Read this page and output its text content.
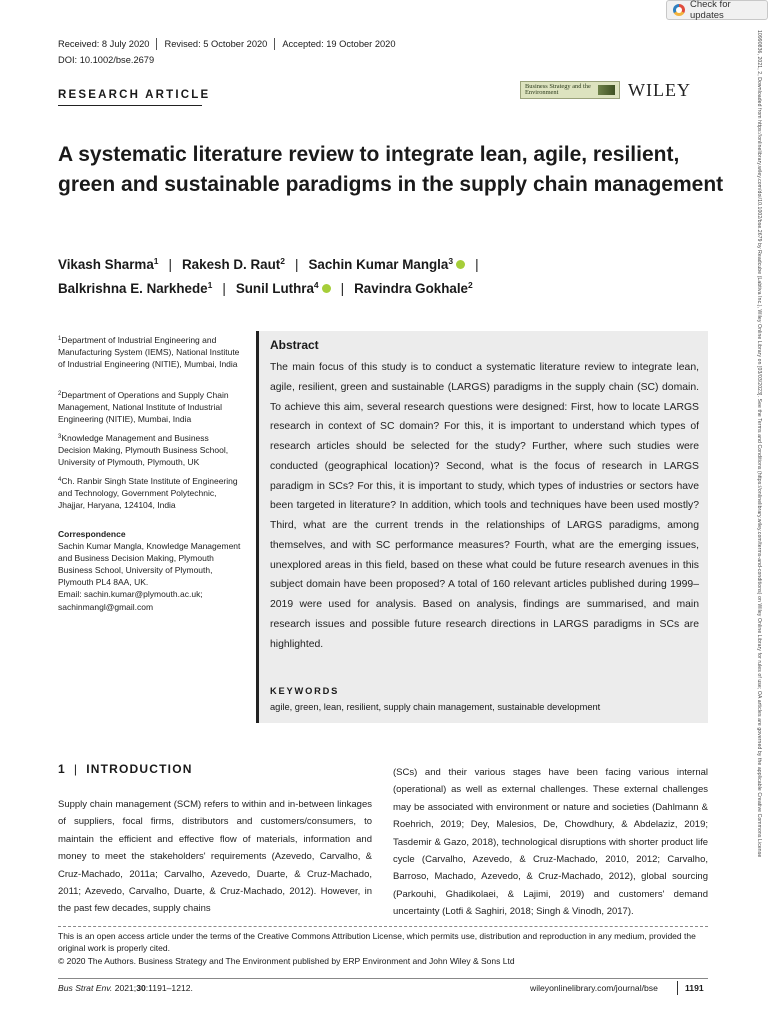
Check for updates
Received: 8 July 2020 Revised: 5 October 2020 Accepted: 19 October 2020
DOI: 10.1002/bse.2679
RESEARCH ARTICLE
Business Strategy and the Environment	WILEY
A systematic literature review to integrate lean, agile, resilient, green and sustainable paradigms in the supply chain management
Vikash Sharma$^1$ | Rakesh D. Raut$^2$ | Sachin Kumar Mangla$^3$ |
Balkrishna E. Narkhede$^1$ | Sunil Luthra$^4$ | Ravindra Gokhale$^2$
$^1$Department of Industrial Engineering and Manufacturing System (IEMS), National Institute of Industrial Engineering (NITIE), Mumbai, India
$^2$Department of Operations and Supply Chain Management, National Institute of Industrial Engineering (NITIE), Mumbai, India
$^3$Knowledge Management and Business Decision Making, Plymouth Business School, University of Plymouth, Plymouth, UK
$^4$Ch. Ranbir Singh State Institute of Engineering and Technology, Government Polytechnic, Jhajjar, Haryana, 124104, India
Correspondence
Sachin Kumar Mangla, Knowledge Management and Business Decision Making, Plymouth Business School, University of Plymouth, Plymouth PL4 8AA, UK.
Email: sachin.kumar@plymouth.ac.uk; sachinmangl@gmail.com
Abstract
The main focus of this study is to conduct a systematic literature review to integrate lean, agile, resilient, green and sustainable (LARGS) paradigms in the supply chain (SC) domain. To achieve this aim, several research questions were designed: First, how to locate LARGS research in context of SC domain? For this, it is important to understand which types of research articles should be selected for the study? Further, where such studies were conducted (geographical location)? Second, what is the focus of research in LARGS paradigm in SCs? For this, it is important to study, which types of industries or sectors have been targeted in literature? In addition, which tools and techniques have been used mostly? Third, what are the current trends in the relationships of LARGS paradigms, among themselves, and with SC performance measures? Fourth, what are the emerging issues, unexplored areas in this field, based on these what could be future research avenues in this subject domain have been proposed? A total of 160 relevant articles published during 1999–2019 were used for analysis. Based on analysis, findings are summarised, and main research issues and possible future research directions in LARGS paradigms in SCs are highlighted.
KEYWORDS
agile, green, lean, resilient, supply chain management, sustainable development
1 | INTRODUCTION
Supply chain management (SCM) refers to within and in-between linkages of suppliers, focal firms, distributors and customers/consumers, to maintain the efficient and effective flow of materials, information and money to meet the stakeholders' requirements (Azevedo, Carvalho, & Cruz-Machado, 2011a; Carvalho, Azevedo, Duarte, & Cruz-Machado, 2011; Azevedo, Carvalho, Duarte, & Cruz-Machado, 2012). However, in the past few decades, supply chains
(SCs) and their various stages have been facing various internal (operational) as well as external challenges. These external challenges may be associated with environment or nature and societies (Dahlmann & Roehrich, 2019; Dey, Malesios, De, Chowdhury, & Abdelaziz, 2019; Tasdemir & Gazo, 2018), technological disruptions with shorter product life cycle (Carvalho, Azevedo, & Cruz-Machado, 2010, 2012; Carvalho, Barroso, Machado, Azevedo, & Cruz-Machado, 2012), global sourcing (Parkouhi, Ghadikolaei, & Lajimi, 2019) and customers' demand uncertainty (Lotfi & Saghiri, 2018; Singh & Vinodh, 2017).
This is an open access article under the terms of the Creative Commons Attribution License, which permits use, distribution and reproduction in any medium, provided the original work is properly cited.
© 2020 The Authors. Business Strategy and The Environment published by ERP Environment and John Wiley & Sons Ltd
Bus Strat Env. 2021;30:1191–1212.	wileyonlinelibrary.com/journal/bse	1191
10990836, 2021, 2, Downloaded from https://onlinelibrary.wiley.com/doi/10.1002/bse.2679 by Readcube (Labtiva Inc.), Wiley Online Library on [03/03/2023]. See the Terms and Conditions (https://onlinelibrary.wiley.com/terms-and-conditions) on Wiley Online Library for rules of use; OA articles are governed by the applicable Creative Commons License
